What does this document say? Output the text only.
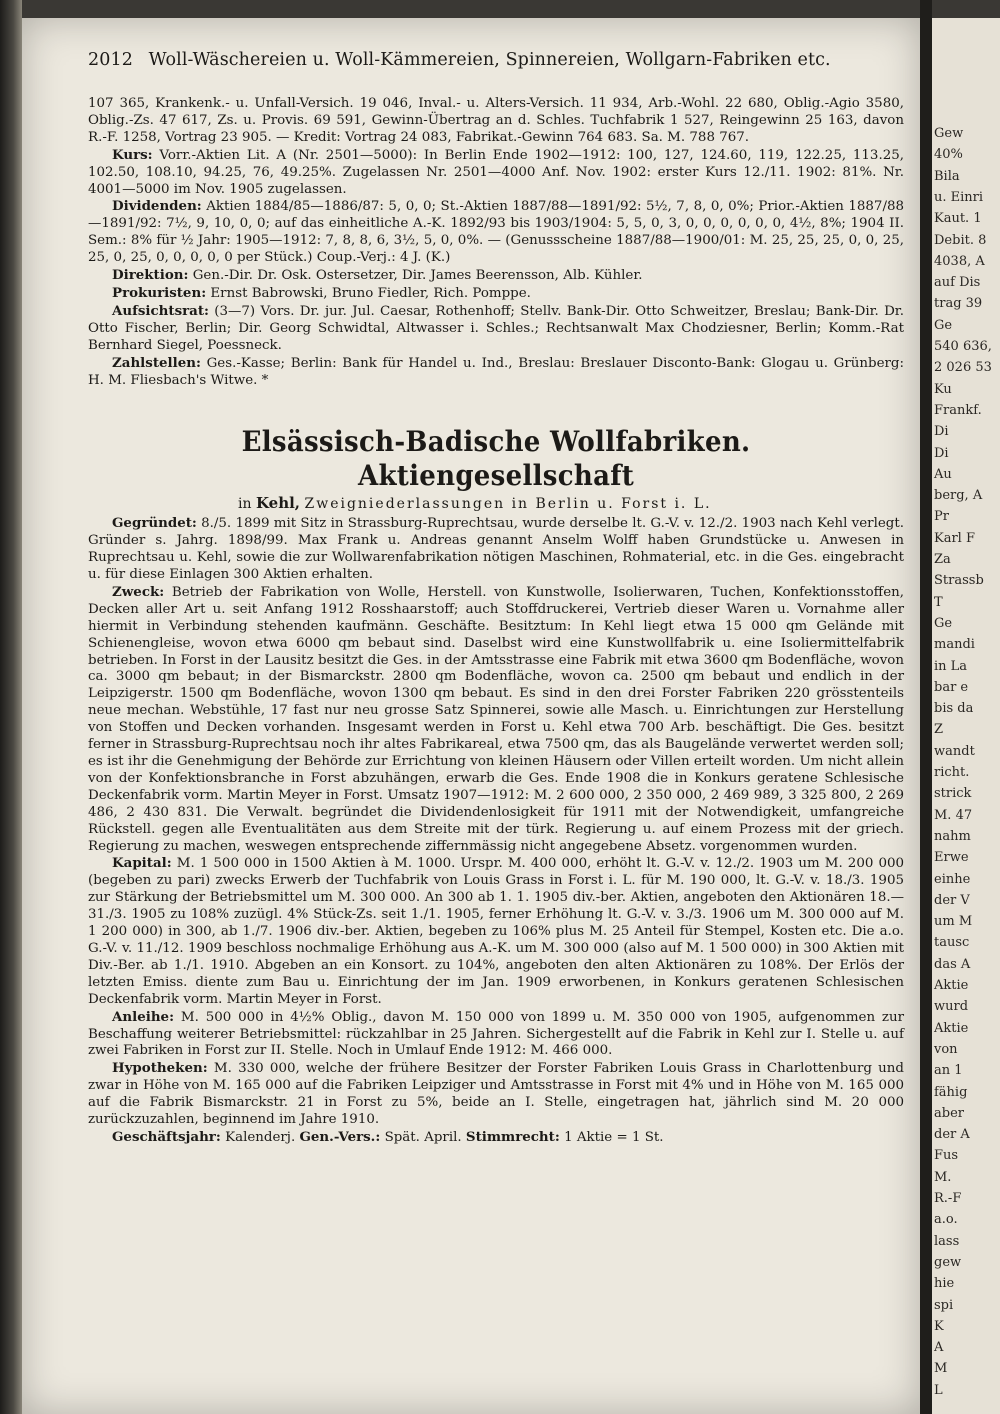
2012 Woll-Wäschereien u. Woll-Kämmereien, Spinnereien, Wollgarn-Fabriken etc.

107 365, Krankenk.- u. Unfall-Versich. 19 046, Inval.- u. Alters-Versich. 11 934, Arb.-Wohl. 22 680, Oblig.-Agio 3580, Oblig.-Zs. 47 617, Zs. u. Provis. 69 591, Gewinn-Übertrag an d. Schles. Tuchfabrik 1 527, Reingewinn 25 163, davon R.-F. 1258, Vortrag 23 905. — Kredit: Vortrag 24 083, Fabrikat.-Gewinn 764 683. Sa. M. 788 767.

Kurs: Vorr.-Aktien Lit. A (Nr. 2501—5000): In Berlin Ende 1902—1912: 100, 127, 124.60, 119, 122.25, 113.25, 102.50, 108.10, 94.25, 76, 49.25%. Zugelassen Nr. 2501—4000 Anf. Nov. 1902: erster Kurs 12./11. 1902: 81%. Nr. 4001—5000 im Nov. 1905 zugelassen.

Dividenden: Aktien 1884/85—1886/87: 5, 0, 0; St.-Aktien 1887/88—1891/92: 5½, 7, 8, 0, 0%; Prior.-Aktien 1887/88—1891/92: 7½, 9, 10, 0, 0; auf das einheitliche A.-K. 1892/93 bis 1903/1904: 5, 5, 0, 3, 0, 0, 0, 0, 0, 0, 4½, 8%; 1904 II. Sem.: 8% für ½ Jahr: 1905—1912: 7, 8, 8, 6, 3½, 5, 0, 0%. — (Genussscheine 1887/88—1900/01: M. 25, 25, 25, 0, 0, 25, 25, 0, 25, 0, 0, 0, 0, 0 per Stück.) Coup.-Verj.: 4 J. (K.)

Direktion: Gen.-Dir. Dr. Osk. Ostersetzer, Dir. James Beerensson, Alb. Kühler.

Prokuristen: Ernst Babrowski, Bruno Fiedler, Rich. Pomppe.

Aufsichtsrat: (3—7) Vors. Dr. jur. Jul. Caesar, Rothenhoff; Stellv. Bank-Dir. Otto Schweitzer, Breslau; Bank-Dir. Dr. Otto Fischer, Berlin; Dir. Georg Schwidtal, Altwasser i. Schles.; Rechtsanwalt Max Chodziesner, Berlin; Komm.-Rat Bernhard Siegel, Poessneck.

Zahlstellen: Ges.-Kasse; Berlin: Bank für Handel u. Ind., Breslau: Breslauer Disconto-Bank: Glogau u. Grünberg: H. M. Fliesbach's Witwe. *

Elsässisch-Badische Wollfabriken. Aktiengesellschaft
in Kehl, Zweigniederlassungen in Berlin u. Forst i. L.

Gegründet: 8./5. 1899 mit Sitz in Strassburg-Ruprechtsau, wurde derselbe lt. G.-V. v. 12./2. 1903 nach Kehl verlegt. Gründer s. Jahrg. 1898/99. Max Frank u. Andreas genannt Anselm Wolff haben Grundstücke u. Anwesen in Ruprechtsau u. Kehl, sowie die zur Wollwarenfabrikation nötigen Maschinen, Rohmaterial, etc. in die Ges. eingebracht u. für diese Einlagen 300 Aktien erhalten.

Zweck: Betrieb der Fabrikation von Wolle, Herstell. von Kunstwolle, Isolierwaren, Tuchen, Konfektionsstoffen, Decken aller Art u. seit Anfang 1912 Rosshaarstoff; auch Stoffdruckerei, Vertrieb dieser Waren u. Vornahme aller hiermit in Verbindung stehenden kaufmänn. Geschäfte. Besitztum: In Kehl liegt etwa 15 000 qm Gelände mit Schienengleise, wovon etwa 6000 qm bebaut sind. Daselbst wird eine Kunstwollfabrik u. eine Isoliermittelfabrik betrieben. In Forst in der Lausitz besitzt die Ges. in der Amtsstrasse eine Fabrik mit etwa 3600 qm Bodenfläche, wovon ca. 3000 qm bebaut; in der Bismarckstr. 2800 qm Bodenfläche, wovon ca. 2500 qm bebaut und endlich in der Leipzigerstr. 1500 qm Bodenfläche, wovon 1300 qm bebaut. Es sind in den drei Forster Fabriken 220 grösstenteils neue mechan. Webstühle, 17 fast nur neu grosse Satz Spinnerei, sowie alle Masch. u. Einrichtungen zur Herstellung von Stoffen und Decken vorhanden. Insgesamt werden in Forst u. Kehl etwa 700 Arb. beschäftigt. Die Ges. besitzt ferner in Strassburg-Ruprechtsau noch ihr altes Fabrikareal, etwa 7500 qm, das als Baugelände verwertet werden soll; es ist ihr die Genehmigung der Behörde zur Errichtung von kleinen Häusern oder Villen erteilt worden. Um nicht allein von der Konfektionsbranche in Forst abzuhängen, erwarb die Ges. Ende 1908 die in Konkurs geratene Schlesische Deckenfabrik vorm. Martin Meyer in Forst. Umsatz 1907—1912: M. 2 600 000, 2 350 000, 2 469 989, 3 325 800, 2 269 486, 2 430 831. Die Verwalt. begründet die Dividendenlosigkeit für 1911 mit der Notwendigkeit, umfangreiche Rückstell. gegen alle Eventualitäten aus dem Streite mit der türk. Regierung u. auf einem Prozess mit der griech. Regierung zu machen, weswegen entsprechende ziffernmässig nicht angegebene Absetz. vorgenommen wurden.

Kapital: M. 1 500 000 in 1500 Aktien à M. 1000. Urspr. M. 400 000, erhöht lt. G.-V. v. 12./2. 1903 um M. 200 000 (begeben zu pari) zwecks Erwerb der Tuchfabrik von Louis Grass in Forst i. L. für M. 190 000, lt. G.-V. v. 18./3. 1905 zur Stärkung der Betriebsmittel um M. 300 000. An 300 ab 1. 1. 1905 div.-ber. Aktien, angeboten den Aktionären 18.—31./3. 1905 zu 108% zuzügl. 4% Stück-Zs. seit 1./1. 1905, ferner Erhöhung lt. G.-V. v. 3./3. 1906 um M. 300 000 auf M. 1 200 000) in 300, ab 1./7. 1906 div.-ber. Aktien, begeben zu 106% plus M. 25 Anteil für Stempel, Kosten etc. Die a.o. G.-V. v. 11./12. 1909 beschloss nochmalige Erhöhung aus A.-K. um M. 300 000 (also auf M. 1 500 000) in 300 Aktien mit Div.-Ber. ab 1./1. 1910. Abgeben an ein Konsort. zu 104%, angeboten den alten Aktionären zu 108%. Der Erlös der letzten Emiss. diente zum Bau u. Einrichtung der im Jan. 1909 erworbenen, in Konkurs geratenen Schlesischen Deckenfabrik vorm. Martin Meyer in Forst.

Anleihe: M. 500 000 in 4½% Oblig., davon M. 150 000 von 1899 u. M. 350 000 von 1905, aufgenommen zur Beschaffung weiterer Betriebsmittel: rückzahlbar in 25 Jahren. Sichergestellt auf die Fabrik in Kehl zur I. Stelle u. auf zwei Fabriken in Forst zur II. Stelle. Noch in Umlauf Ende 1912: M. 466 000.

Hypotheken: M. 330 000, welche der frühere Besitzer der Forster Fabriken Louis Grass in Charlottenburg und zwar in Höhe von M. 165 000 auf die Fabriken Leipziger und Amtsstrasse in Forst mit 4% und in Höhe von M. 165 000 auf die Fabrik Bismarckstr. 21 in Forst zu 5%, beide an I. Stelle, eingetragen hat, jährlich sind M. 20 000 zurückzuzahlen, beginnend im Jahre 1910.

Geschäftsjahr: Kalenderj. Gen.-Vers.: Spät. April. Stimmrecht: 1 Aktie = 1 St.

Gew
40%
Bila
u. Einri
Kaut. 1
Debit. 8
4038, A
auf Dis
trag 39
Ge
540 636,
2 026 53
Ku
Frankf.
Di
Di
Au
berg, A
Pr
Karl F
Za
Strassb
T
Ge
mandi
in La
bar e
bis da
Z
wandt
richt.
strick
M. 47
nahm
Erwe
einhe
der V
um M
tausc
das A
Aktie
wurd
Aktie
von
an 1
fähig
aber
der A
Fus
M.
R.-F
a.o.
lass
gew
hie
spi
K
A
M
L
